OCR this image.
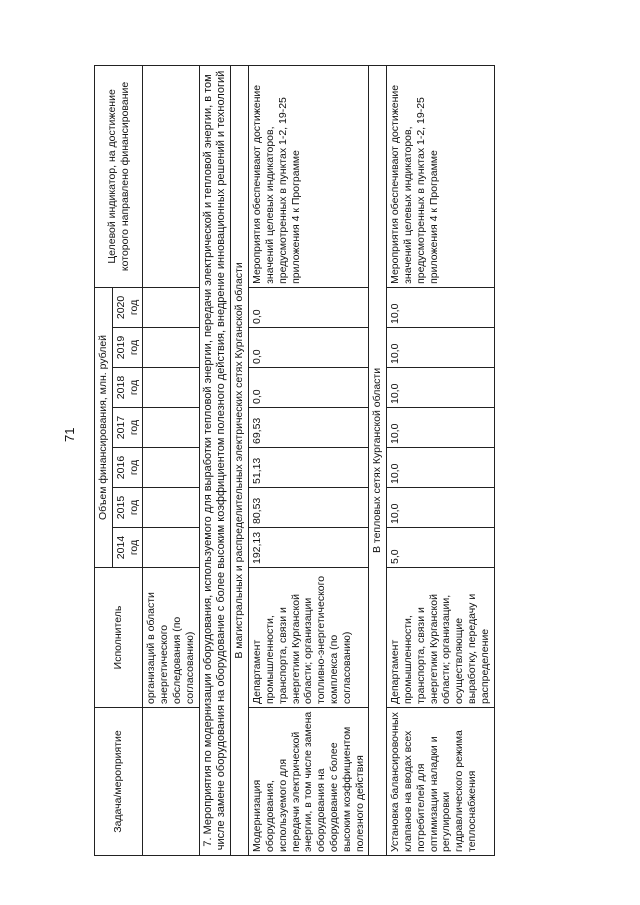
71
Задача/мероприятие	Исполнитель	Объем финансирования, млн. рублей							Целевой индикатор, на достижение которого направлено финансирование
		2014 год	2015 год	2016 год	2017 год	2018 год	2019 год	2020 год	
	организаций в области энергетического обследования (по согласованию)								
7. Мероприятия по модернизации оборудования, используемого для выработки тепловой энергии, передачи электрической и тепловой энергии, в том числе замене оборудования на оборудование с более высоким коэффициентом полезного действия, внедрение инновационных решений и технологий									
В магистральных и распределительных электрических сетях Курганской области									
Модернизация оборудования, используемого для передачи электрической энергии, в том числе замена оборудования на оборудование с более высоким коэффициентом полезного действия	Департамент промышленности, транспорта, связи и энергетики Курганской области; организации топливно-энергетического комплекса (по согласованию)	192,13	80,53	51,13	69,53	0,0	0,0	0,0	Мероприятия обеспечивают достижение значений целевых индикаторов, предусмотренных в пунктах 1-2, 19-25 приложения 4 к Программе
В тепловых сетях Курганской области									
Установка балансировочных клапанов на вводах всех потребителей для оптимизации наладки и регулировки гидравлического режима теплоснабжения	Департамент промышленности, транспорта, связи и энергетики Курганской области; организации, осуществляющие выработку, передачу и распределение	5,0	10,0	10,0	10,0	10,0	10,0	10,0	Мероприятия обеспечивают достижение значений целевых индикаторов, предусмотренных в пунктах 1-2, 19-25 приложения 4 к Программе
